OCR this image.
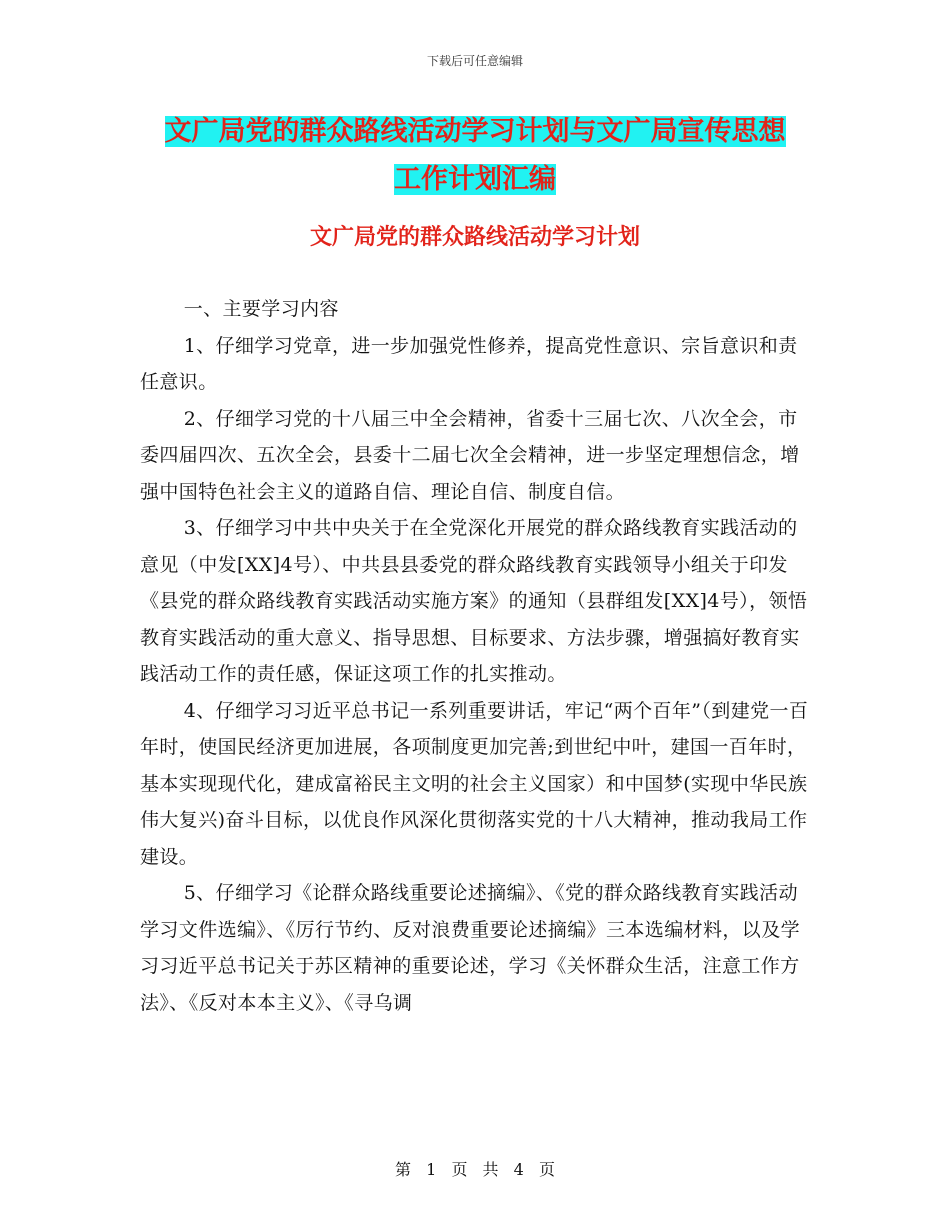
下载后可任意编辑
文广局党的群众路线活动学习计划与文广局宣传思想
工作计划汇编
文广局党的群众路线活动学习计划

一、主要学习内容

1、仔细学习党章，进一步加强党性修养，提高党性意识、宗旨意识和责任意识。

2、仔细学习党的十八届三中全会精神，省委十三届七次、八次全会，市委四届四次、五次全会，县委十二届七次全会精神，进一步坚定理想信念，增强中国特色社会主义的道路自信、理论自信、制度自信。

3、仔细学习中共中央关于在全党深化开展党的群众路线教育实践活动的意见（中发[XX]4号）、中共县县委党的群众路线教育实践领导小组关于印发《县党的群众路线教育实践活动实施方案》的通知（县群组发[XX]4号），领悟教育实践活动的重大意义、指导思想、目标要求、方法步骤，增强搞好教育实践活动工作的责任感，保证这项工作的扎实推动。

4、仔细学习习近平总书记一系列重要讲话，牢记“两个百年”（到建党一百年时，使国民经济更加进展，各项制度更加完善;到世纪中叶，建国一百年时，基本实现现代化，建成富裕民主文明的社会主义国家）和中国梦(实现中华民族伟大复兴)奋斗目标，以优良作风深化贯彻落实党的十八大精神，推动我局工作建设。

5、仔细学习《论群众路线重要论述摘编》、《党的群众路线教育实践活动学习文件选编》、《厉行节约、反对浪费重要论述摘编》三本选编材料，以及学习习近平总书记关于苏区精神的重要论述，学习《关怀群众生活，注意工作方法》、《反对本本主义》、《寻乌调

第 1 页 共 4 页
